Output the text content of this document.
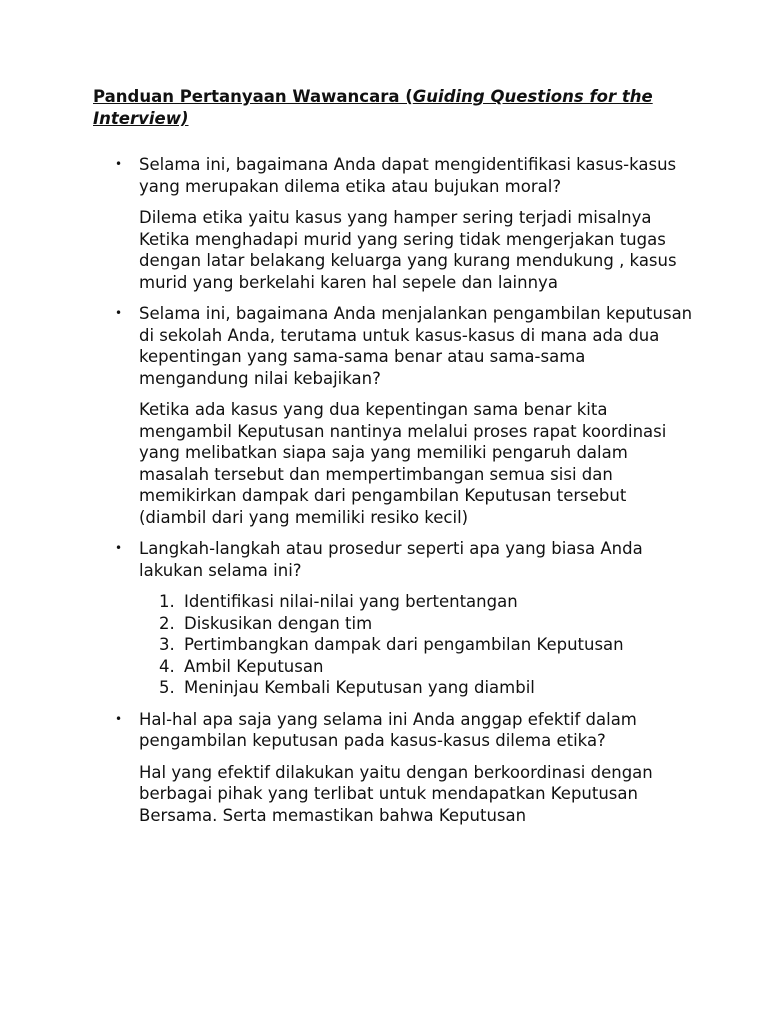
Panduan Pertanyaan Wawancara (Guiding Questions for the Interview)
• Selama ini, bagaimana Anda dapat mengidentifikasi kasus-kasus yang merupakan dilema etika atau bujukan moral?
Dilema etika yaitu kasus yang hamper sering terjadi misalnya Ketika menghadapi murid yang sering tidak mengerjakan tugas dengan latar belakang keluarga yang kurang mendukung , kasus murid yang berkelahi karen hal sepele dan lainnya
• Selama ini, bagaimana Anda menjalankan pengambilan keputusan di sekolah Anda, terutama untuk kasus-kasus di mana ada dua kepentingan yang sama-sama benar atau sama-sama mengandung nilai kebajikan?
Ketika ada kasus yang dua kepentingan sama benar kita mengambil Keputusan nantinya melalui proses rapat koordinasi yang melibatkan siapa saja yang memiliki pengaruh dalam masalah tersebut dan mempertimbangan semua sisi dan memikirkan dampak dari pengambilan Keputusan tersebut (diambil dari yang memiliki resiko kecil)
• Langkah-langkah atau prosedur seperti apa yang biasa Anda lakukan selama ini?
1. Identifikasi nilai-nilai yang bertentangan
2. Diskusikan dengan tim
3. Pertimbangkan dampak dari pengambilan Keputusan
4. Ambil Keputusan
5. Meninjau Kembali Keputusan yang diambil
• Hal-hal apa saja yang selama ini Anda anggap efektif dalam pengambilan keputusan pada kasus-kasus dilema etika?
Hal yang efektif dilakukan yaitu dengan berkoordinasi dengan berbagai pihak yang terlibat untuk mendapatkan Keputusan Bersama. Serta memastikan bahwa Keputusan
